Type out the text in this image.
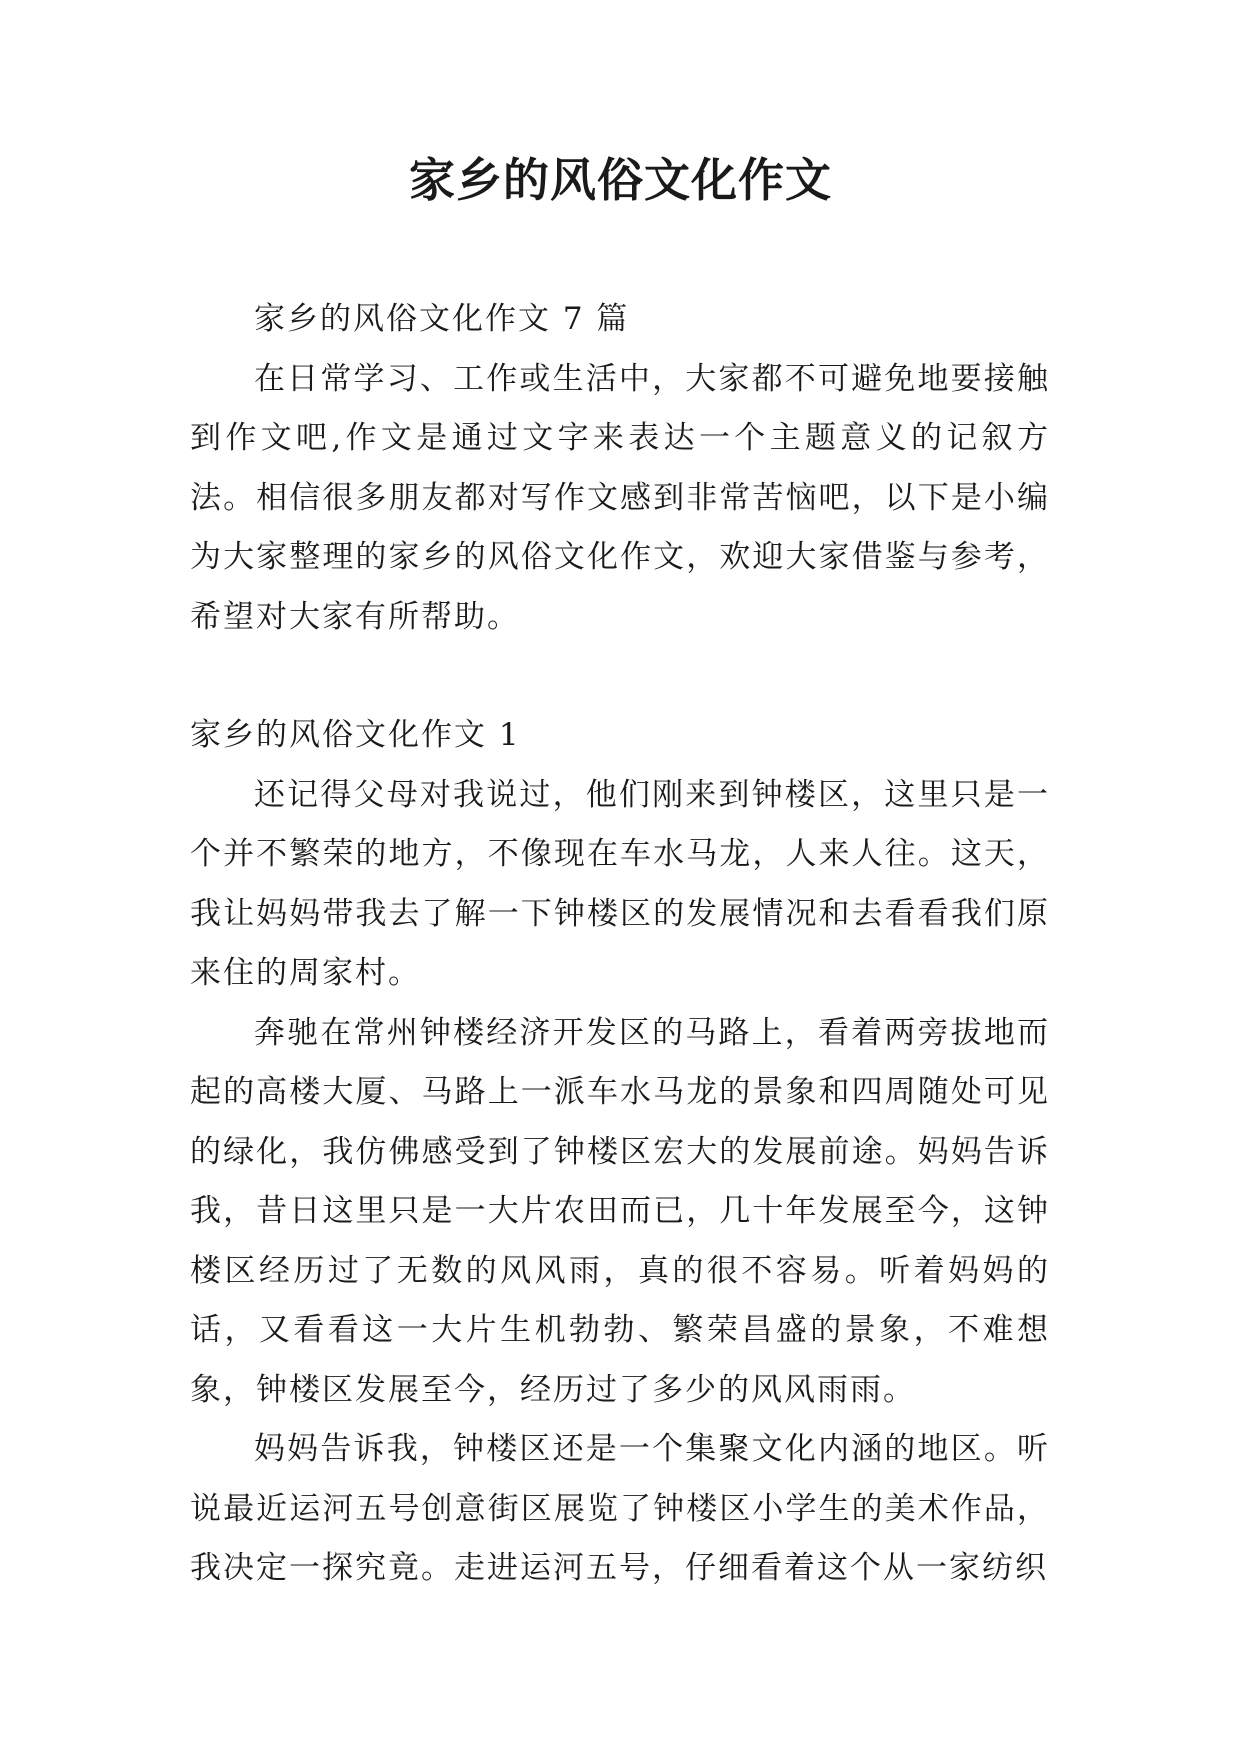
家乡的风俗文化作文

家乡的风俗文化作文 7 篇

在日常学习、工作或生活中，大家都不可避免地要接触到作文吧,作文是通过文字来表达一个主题意义的记叙方法。相信很多朋友都对写作文感到非常苦恼吧，以下是小编为大家整理的家乡的风俗文化作文，欢迎大家借鉴与参考，希望对大家有所帮助。

家乡的风俗文化作文 1

还记得父母对我说过，他们刚来到钟楼区，这里只是一个并不繁荣的地方，不像现在车水马龙，人来人往。这天，我让妈妈带我去了解一下钟楼区的发展情况和去看看我们原来住的周家村。

奔驰在常州钟楼经济开发区的马路上，看着两旁拔地而起的高楼大厦、马路上一派车水马龙的景象和四周随处可见的绿化，我仿佛感受到了钟楼区宏大的发展前途。妈妈告诉我，昔日这里只是一大片农田而已，几十年发展至今，这钟楼区经历过了无数的风风雨，真的很不容易。听着妈妈的话，又看看这一大片生机勃勃、繁荣昌盛的景象，不难想象，钟楼区发展至今，经历过了多少的风风雨雨。

妈妈告诉我，钟楼区还是一个集聚文化内涵的地区。听说最近运河五号创意街区展览了钟楼区小学生的美术作品，我决定一探究竟。走进运河五号，仔细看着这个从一家纺织
